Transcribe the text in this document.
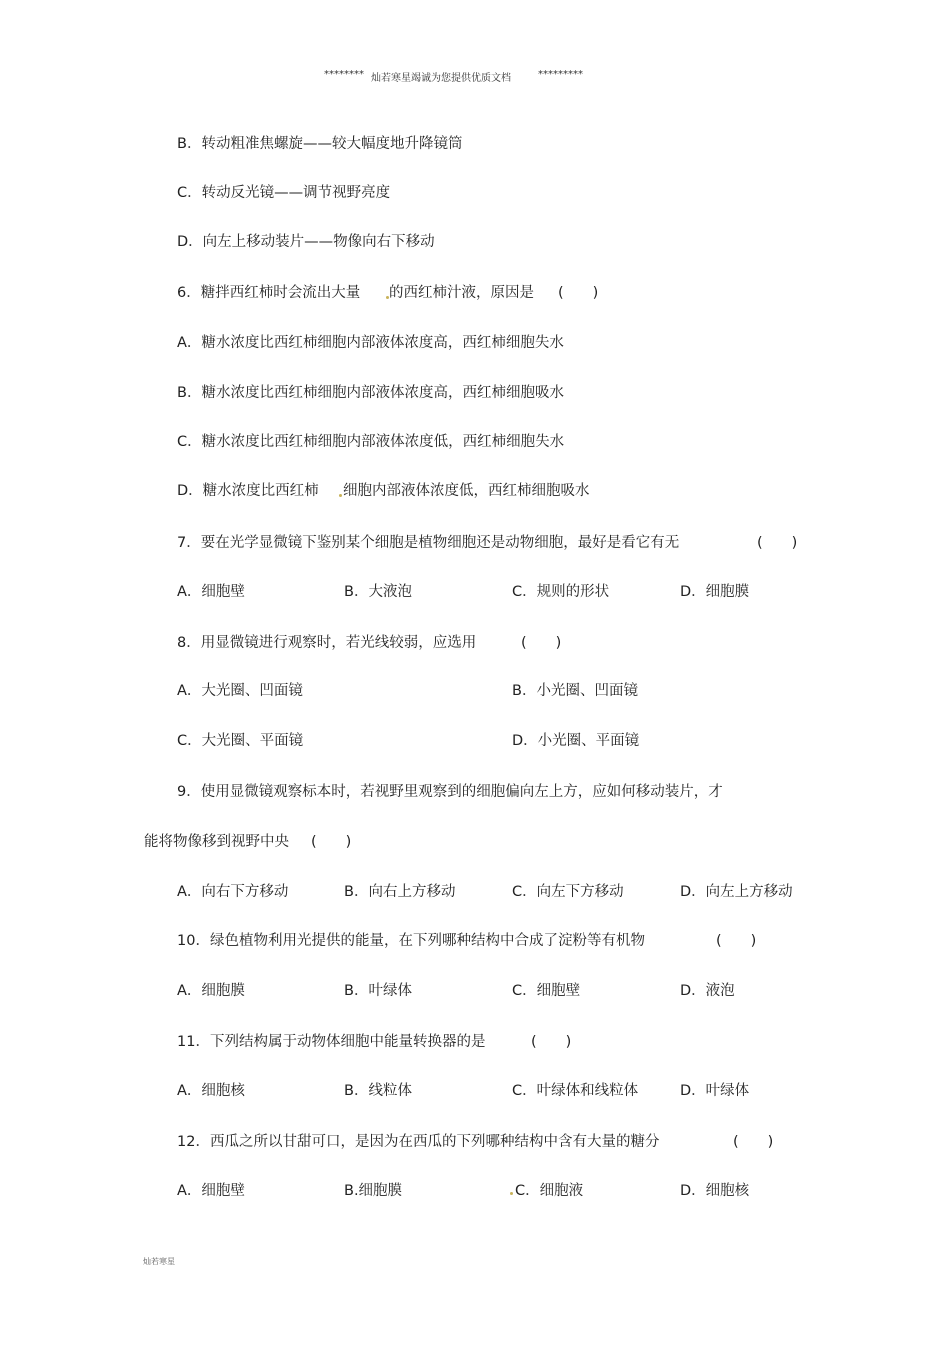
******** 灿若寒星竭诚为您提供优质文档	*********
B．转动粗准焦螺旋——较大幅度地升降镜筒
C．转动反光镜——调节视野亮度
D．向左上移动装片——物像向右下移动
6．糖拌西红柿时会流出大量 的西红柿汁液，原因是 (　　)
A．糖水浓度比西红柿细胞内部液体浓度高，西红柿细胞失水
B．糖水浓度比西红柿细胞内部液体浓度高，西红柿细胞吸水
C．糖水浓度比西红柿细胞内部液体浓度低，西红柿细胞失水
D．糖水浓度比西红柿 细胞内部液体浓度低，西红柿细胞吸水
7．要在光学显微镜下鉴别某个细胞是植物细胞还是动物细胞，最好是看它有无	(　　)
A．细胞壁	B．大液泡	C．规则的形状	D．细胞膜
8．用显微镜进行观察时，若光线较弱，应选用	(　　)
A．大光圈、凹面镜	B．小光圈、凹面镜
C．大光圈、平面镜	D．小光圈、平面镜
9．使用显微镜观察标本时，若视野里观察到的细胞偏向左上方，应如何移动装片，才
能将物像移到视野中央 (　　)
A．向右下方移动	B．向右上方移动	C．向左下方移动	D．向左上方移动
10．绿色植物利用光提供的能量，在下列哪种结构中合成了淀粉等有机物	(　　)
A．细胞膜	B．叶绿体	C．细胞壁	D．液泡
11．下列结构属于动物体细胞中能量转换器的是	(　　)
A．细胞核	B．线粒体	C．叶绿体和线粒体	D．叶绿体
12．西瓜之所以甘甜可口，是因为在西瓜的下列哪种结构中含有大量的糖分	(　　)
A．细胞壁	B.细胞膜	C．细胞液	D．细胞核
灿若寒星
